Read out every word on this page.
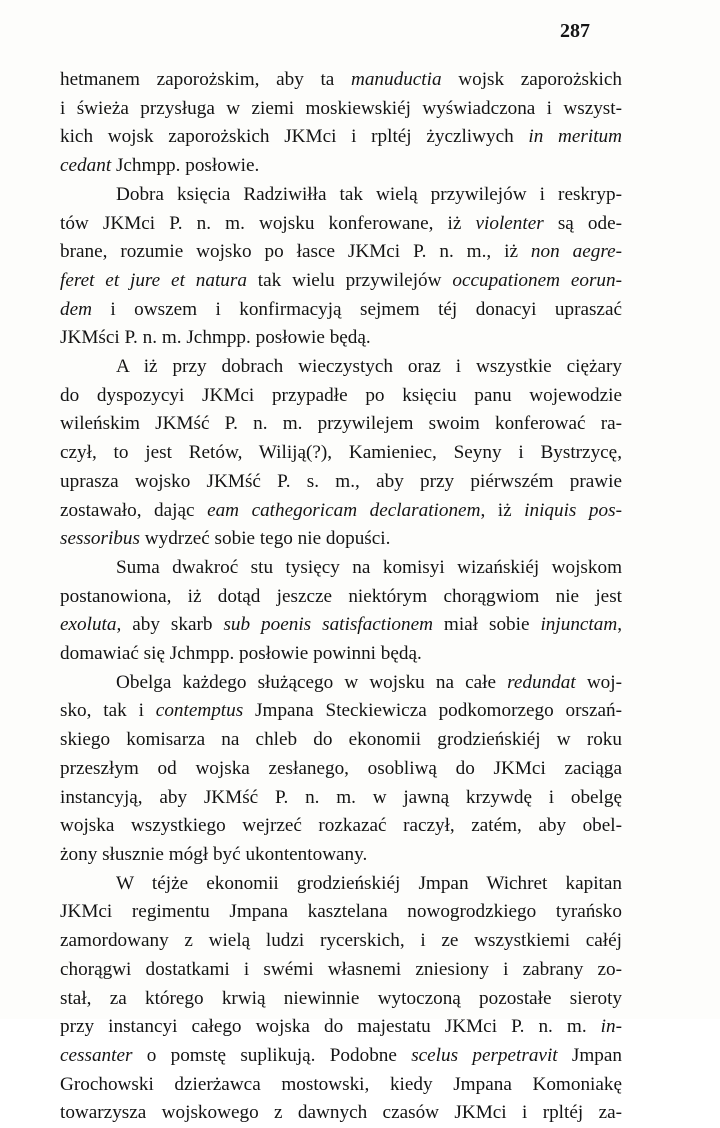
287
hetmanem zaporożskim, aby ta manuductia wojsk zaporożskich
i świeża przysługa w ziemi moskiewskiéj wyświadczona i wszyst-
kich wojsk zaporożskich JKMci i rpltéj życzliwych in meritum
cedant Jchmpp. posłowie.
Dobra księcia Radziwiłła tak wielą przywilejów i reskryp-
tów JKMci P. n. m. wojsku konferowane, iż violenter są ode-
brane, rozumie wojsko po łasce JKMci P. n. m., iż non aegre-
feret et jure et natura tak wielu przywilejów occupationem eorun-
dem i owszem i konfirmacyją sejmem téj donacyi upraszać
JKMści P. n. m. Jchmpp. posłowie będą.
A iż przy dobrach wieczystych oraz i wszystkie ciężary
do dyspozycyi JKMci przypadłe po księciu panu wojewodzie
wileńskim JKMść P. n. m. przywilejem swoim konferować ra-
czył, to jest Retów, Wiliją(?), Kamieniec, Seyny i Bystrzycę,
uprasza wojsko JKMść P. s. m., aby przy piérwszém prawie
zostawało, dając eam cathegoricam declarationem, iż iniquis pos-
sessoribus wydrzeć sobie tego nie dopuści.
Suma dwakroć stu tysięcy na komisyi wizańskiéj wojskom
postanowiona, iż dotąd jeszcze niektórym chorągwiom nie jest
exoluta, aby skarb sub poenis satisfactionem miał sobie injunctam,
domawiać się Jchmpp. posłowie powinni będą.
Obelga każdego służącego w wojsku na całe redundat woj-
sko, tak i contemptus Jmpana Steckiewicza podkomorzego orszań-
skiego komisarza na chleb do ekonomii grodzieńskiéj w roku
przeszłym od wojska zesłanego, osobliwą do JKMci zaciąga
instancyją, aby JKMść P. n. m. w jawną krzywdę i obelgę
wojska wszystkiego wejrzeć rozkazać raczył, zatém, aby obel-
żony słusznie mógł być ukontentowany.
W téjże ekonomii grodzieńskiéj Jmpan Wichret kapitan
JKMci regimentu Jmpana kasztelana nowogrodzkiego tyrańsko
zamordowany z wielą ludzi rycerskich, i ze wszystkiemi całéj
chorągwi dostatkami i swémi własnemi zniesiony i zabrany zo-
stał, za którego krwią niewinnie wytoczoną pozostałe sieroty
przy instancyi całego wojska do majestatu JKMci P. n. m. in-
cessanter o pomstę suplikują. Podobne scelus perpetravit Jmpan
Grochowski dzierżawca mostowski, kiedy Jmpana Komoniakę
towarzysza wojskowego z dawnych czasów JKMci i rpltéj za-
